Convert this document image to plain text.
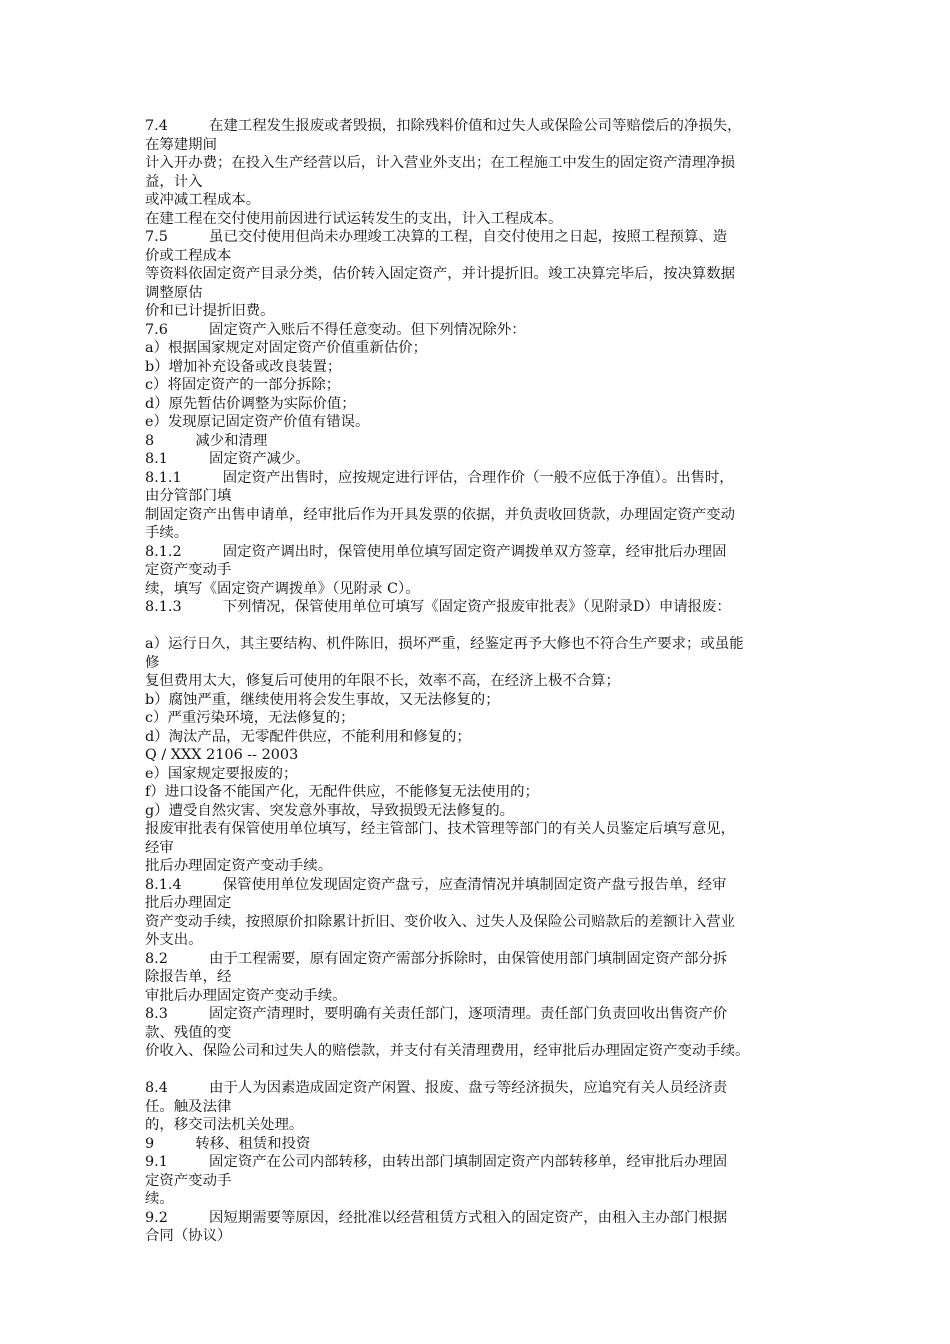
7.4         在建工程发生报废或者毁损，扣除残料价值和过失人或保险公司等赔偿后的净损失，
在筹建期间
计入开办费；在投入生产经营以后，计入营业外支出；在工程施工中发生的固定资产清理净损
益，计入
或冲减工程成本。
在建工程在交付使用前因进行试运转发生的支出，计入工程成本。
7.5         虽已交付使用但尚未办理竣工决算的工程，自交付使用之日起，按照工程预算、造
价或工程成本
等资料依固定资产目录分类，估价转入固定资产，并计提折旧。竣工决算完毕后，按决算数据
调整原估
价和已计提折旧费。
7.6         固定资产入账后不得任意变动。但下列情况除外：
a）根据国家规定对固定资产价值重新估价；
b）增加补充设备或改良装置；
c）将固定资产的一部分拆除；
d）原先暂估价调整为实际价值；
e）发现原记固定资产价值有错误。
8         减少和清理
8.1         固定资产减少。
8.1.1         固定资产出售时，应按规定进行评估，合理作价（一般不应低于净值）。出售时，
由分管部门填
制固定资产出售申请单，经审批后作为开具发票的依据，并负责收回货款，办理固定资产变动
手续。
8.1.2         固定资产调出时，保管使用单位填写固定资产调拨单双方签章，经审批后办理固
定资产变动手
续，填写《固定资产调拨单》（见附录 C）。
8.1.3         下列情况，保管使用单位可填写《固定资产报废审批表》（见附录D）申请报废：
a）运行日久，其主要结构、机件陈旧，损坏严重，经鉴定再予大修也不符合生产要求；或虽能
修
复但费用太大，修复后可使用的年限不长，效率不高，在经济上极不合算；
b）腐蚀严重，继续使用将会发生事故，又无法修复的；
c）严重污染环境，无法修复的；
d）淘汰产品，无零配件供应，不能利用和修复的；
Q / XXX 2106 -- 2003
e）国家规定要报废的；
f）进口设备不能国产化，无配件供应，不能修复无法使用的；
g）遭受自然灾害、突发意外事故，导致损毁无法修复的。
报废审批表有保管使用单位填写，经主管部门、技术管理等部门的有关人员鉴定后填写意见，
经审
批后办理固定资产变动手续。
8.1.4         保管使用单位发现固定资产盘亏，应查清情况并填制固定资产盘亏报告单，经审
批后办理固定
资产变动手续，按照原价扣除累计折旧、变价收入、过失人及保险公司赔款后的差额计入营业
外支出。
8.2         由于工程需要，原有固定资产需部分拆除时，由保管使用部门填制固定资产部分拆
除报告单，经
审批后办理固定资产变动手续。
8.3         固定资产清理时，要明确有关责任部门，逐项清理。责任部门负责回收出售资产价
款、残值的变
价收入、保险公司和过失人的赔偿款，并支付有关清理费用，经审批后办理固定资产变动手续。
8.4         由于人为因素造成固定资产闲置、报废、盘亏等经济损失，应追究有关人员经济责
任。触及法律
的，移交司法机关处理。
9         转移、租赁和投资
9.1         固定资产在公司内部转移，由转出部门填制固定资产内部转移单，经审批后办理固
定资产变动手
续。
9.2         因短期需要等原因，经批准以经营租赁方式租入的固定资产，由租入主办部门根据
合同（协议）
